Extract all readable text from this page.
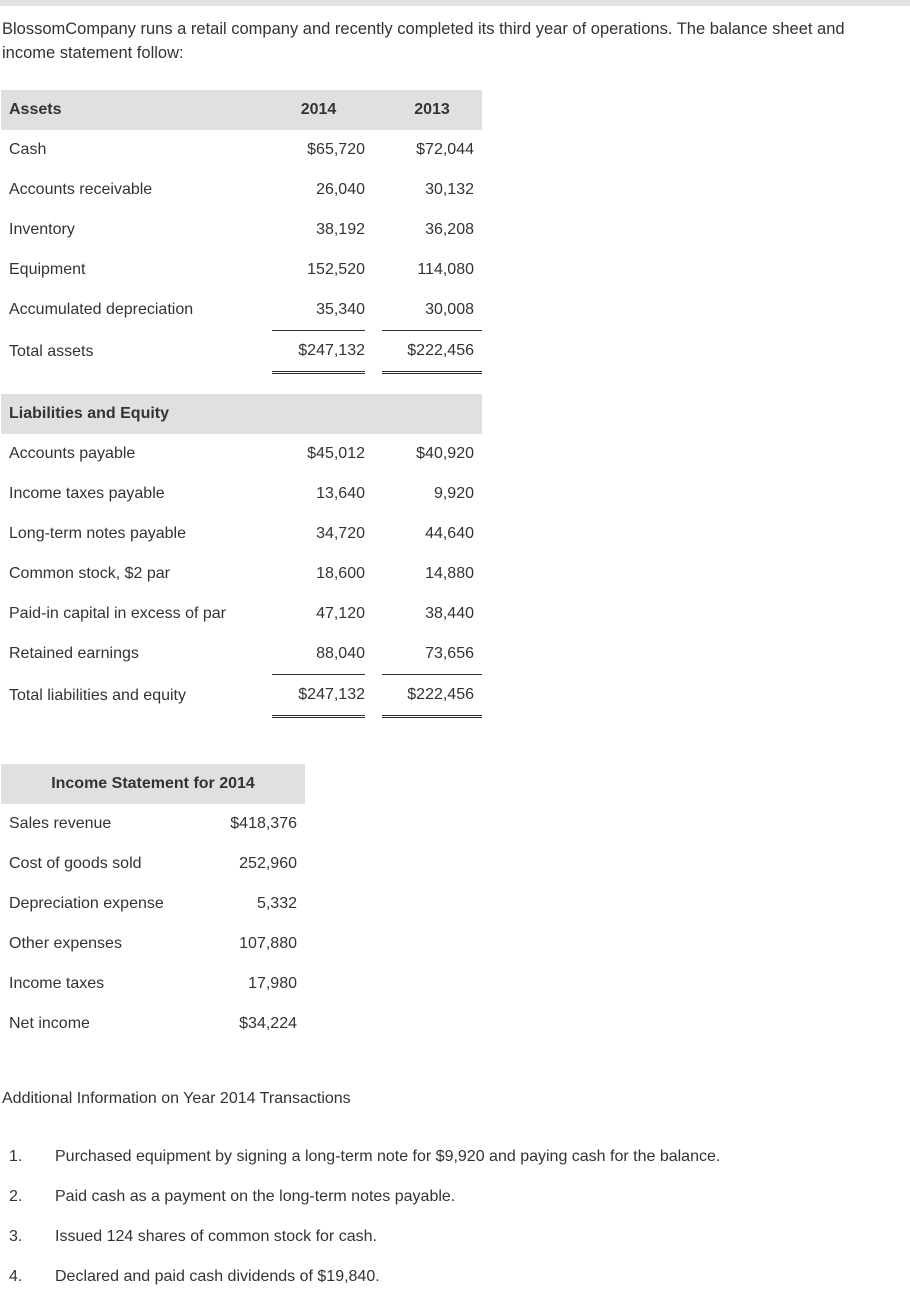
BlossomCompany runs a retail company and recently completed its third year of operations. The balance sheet and income statement follow:

Assets	2014		2013
Cash	$65,720		$72,044
Accounts receivable	26,040		30,132
Inventory	38,192		36,208
Equipment	152,520		114,080
Accumulated depreciation	35,340		30,008
Total assets	$247,132		$222,456

Liabilities and Equity			
Accounts payable	$45,012		$40,920
Income taxes payable	13,640		9,920
Long-term notes payable	34,720		44,640
Common stock, $2 par	18,600		14,880
Paid-in capital in excess of par	47,120		38,440
Retained earnings	88,040		73,656
Total liabilities and equity	$247,132		$222,456
Income Statement for 2014	
Sales revenue	$418,376
Cost of goods sold	252,960
Depreciation expense	5,332
Other expenses	107,880
Income taxes	17,980
Net income	$34,224
Additional Information on Year 2014 Transactions
1.	Purchased equipment by signing a long-term note for $9,920 and paying cash for the balance.
2.	Paid cash as a payment on the long-term notes payable.
3.	Issued 124 shares of common stock for cash.
4.	Declared and paid cash dividends of $19,840.
